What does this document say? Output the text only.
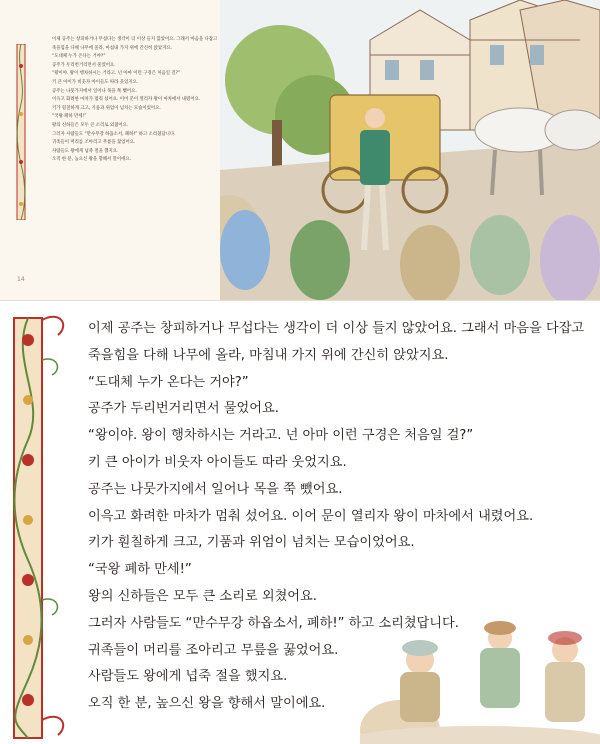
이제 공주는 창피하거나 무섭다는 생각이 더 이상 들지 않았어요. 그래서 마음을 다잡고
죽을힘을 다해 나무에 올라, 마침내 가지 위에 간신히 앉았지요.
“도대체 누가 온다는 거야?”
공주가 두리번거리면서 물었어요.
“왕이야. 왕이 행차하시는 거라고. 넌 아마 이런 구경은 처음일 걸?”
키 큰 아이가 비웃자 아이들도 따라 웃었지요.
공주는 나뭇가지에서 일어나 목을 쭉 뺐어요.
이윽고 화려한 마차가 멈춰 섰어요. 이어 문이 열리자 왕이 마차에서 내렸어요.
키가 훤칠하게 크고, 기품과 위엄이 넘치는 모습이었어요.
“국왕 폐하 만세!”
왕의 신하들은 모두 큰 소리로 외쳤어요.
그러자 사람들도 “만수무강 하옵소서, 폐하!” 하고 소리쳤답니다.
귀족들이 머리를 조아리고 무릎을 꿇었어요.
사람들도 왕에게 넙죽 절을 했지요.
오직 한 분, 높으신 왕을 향해서 말이에요.
14
이제 공주는 창피하거나 무섭다는 생각이 더 이상 들지 않았어요. 그래서 마음을 다잡고
죽을힘을 다해 나무에 올라, 마침내 가지 위에 간신히 앉았지요.
“도대체 누가 온다는 거야?”
공주가 두리번거리면서 물었어요.
“왕이야. 왕이 행차하시는 거라고. 넌 아마 이런 구경은 처음일 걸?”
키 큰 아이가 비웃자 아이들도 따라 웃었지요.
공주는 나뭇가지에서 일어나 목을 쭉 뺐어요.
이윽고 화려한 마차가 멈춰 섰어요. 이어 문이 열리자 왕이 마차에서 내렸어요.
키가 훤칠하게 크고, 기품과 위엄이 넘치는 모습이었어요.
“국왕 폐하 만세!”
왕의 신하들은 모두 큰 소리로 외쳤어요.
그러자 사람들도 “만수무강 하옵소서, 폐하!” 하고 소리쳤답니다.
귀족들이 머리를 조아리고 무릎을 꿇었어요.
사람들도 왕에게 넙죽 절을 했지요.
오직 한 분, 높으신 왕을 향해서 말이에요.
